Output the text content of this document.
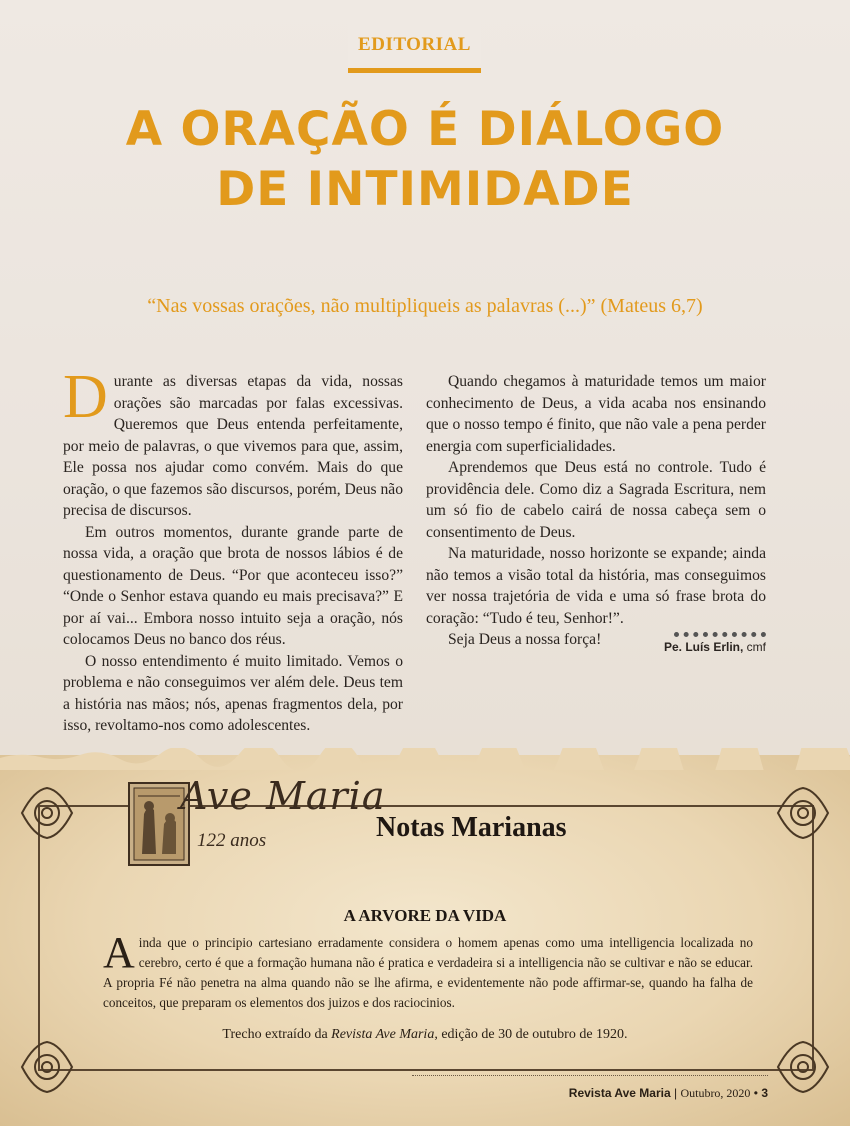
EDITORIAL
A ORAÇÃO É DIÁLOGO
DE INTIMIDADE
“Nas vossas orações, não multipliqueis as palavras (...)” (Mateus 6,7)

Durante as diversas etapas da vida, nossas orações são marcadas por falas excessivas. Queremos que Deus entenda perfeitamente, por meio de palavras, o que vivemos para que, assim, Ele possa nos ajudar como convém. Mais do que oração, o que fazemos são discursos, porém, Deus não precisa de discursos.

Em outros momentos, durante grande parte de nossa vida, a oração que brota de nossos lábios é de questionamento de Deus. “Por que aconteceu isso?” “Onde o Senhor estava quando eu mais precisava?” E por aí vai... Embora nosso intuito seja a oração, nós colocamos Deus no banco dos réus.

O nosso entendimento é muito limitado. Vemos o problema e não conseguimos ver além dele. Deus tem a história nas mãos; nós, apenas fragmentos dela, por isso, revoltamo-nos como adolescentes.

Quando chegamos à maturidade temos um maior conhecimento de Deus, a vida acaba nos ensinando que o nosso tempo é finito, que não vale a pena perder energia com superficialidades.

Aprendemos que Deus está no controle. Tudo é providência dele. Como diz a Sagrada Escritura, nem um só fio de cabelo cairá de nossa cabeça sem o consentimento de Deus.

Na maturidade, nosso horizonte se expande; ainda não temos a visão total da história, mas conseguimos ver nossa trajetória de vida e uma só frase brota do coração: “Tudo é teu, Senhor!”.

Seja Deus a nossa força!	Pe. Luís Erlin, cmf
Ave Maria
122 anos	Notas Marianas
A ARVORE DA VIDA
Ainda que o principio cartesiano erradamente considera o homem apenas como uma intelligencia localizada no cerebro, certo é que a formação humana não é pratica e verdadeira si a intelligencia não se cultivar e não se educar. A propria Fé não penetra na alma quando não se lhe afirma, e evidentemente não pode affirmar-se, quando ha falha de conceitos, que preparam os elementos dos juizos e dos raciocinios.
Trecho extraído da Revista Ave Maria, edição de 30 de outubro de 1920.
Revista Ave Maria | Outubro, 2020 • 3
